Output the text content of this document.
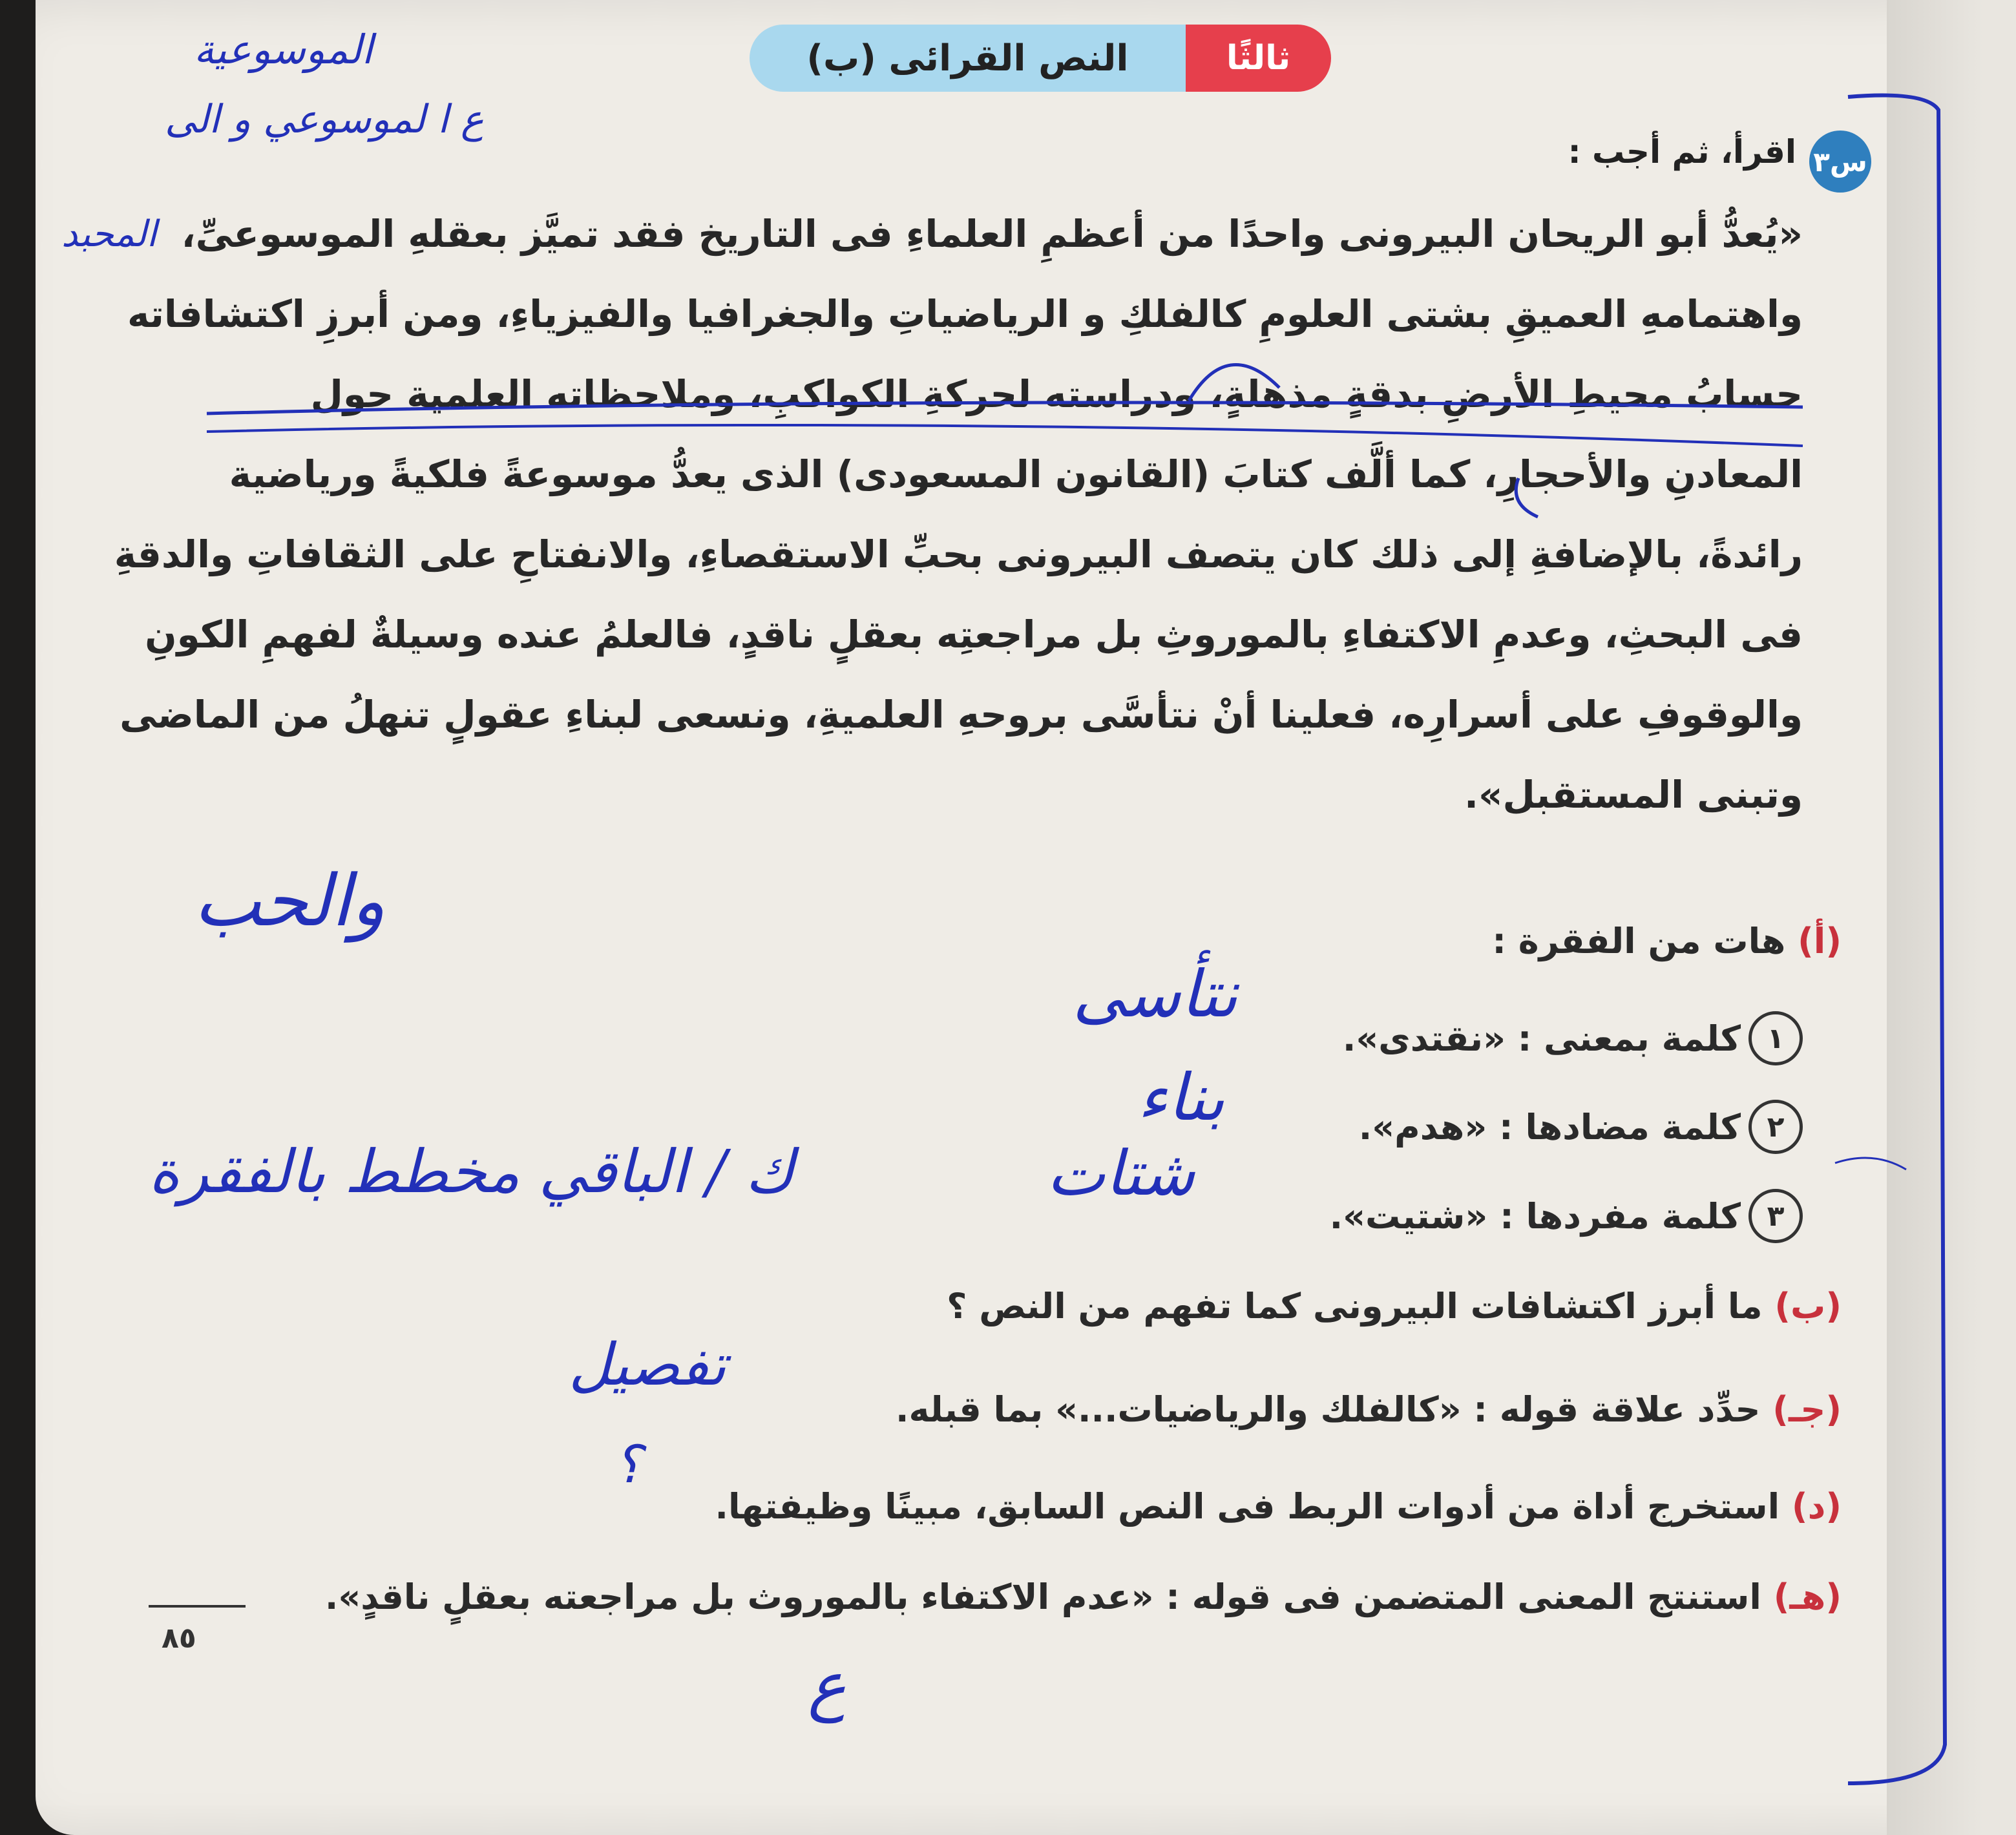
ثالثًا
النص القرائى (ب)
س٣
اقرأ، ثم أجب :
«يُعدُّ أبو الريحان البيرونى واحدًا من أعظمِ العلماءِ فى التاريخ فقد تميَّز بعقلهِ الموسوعىِّ،
واهتمامهِ العميقِ بشتى العلومِ كالفلكِ و الرياضياتِ والجغرافيا والفيزياءِ، ومن أبرزِ اكتشافاته
حسابُ محيطِ الأرضِ بدقةٍ مذهلةٍ، ودراسته لحركةِ الكواكبِ، وملاحظاته العلمية حول
المعادنِ والأحجارِ، كما ألَّف كتابَ (القانون المسعودى) الذى يعدُّ موسوعةً فلكيةً ورياضية
رائدةً، بالإضافةِ إلى ذلك كان يتصف البيرونى بحبِّ الاستقصاءِ، والانفتاحِ على الثقافاتِ والدقةِ
فى البحثِ، وعدمِ الاكتفاءِ بالموروثِ بل مراجعتِه بعقلٍ ناقدٍ، فالعلمُ عنده وسيلةٌ لفهمِ الكونِ
والوقوفِ على أسرارِه، فعلينا أنْ نتأسَّى بروحهِ العلميةِ، ونسعى لبناءِ عقولٍ تنهلُ من الماضى
وتبنى المستقبل».
(أ) هات من الفقرة :
١
كلمة بمعنى : «نقتدى».
٢
كلمة مضادها : «هدم».
٣
كلمة مفردها : «شتيت».
(ب) ما أبرز اكتشافات البيرونى كما تفهم من النص ؟
(جـ) حدِّد علاقة قوله : «كالفلك والرياضيات...» بما قبله.
(د) استخرج أداة من أدوات الربط فى النص السابق، مبينًا وظيفتها.
(هـ) استنتج المعنى المتضمن فى قوله : «عدم الاكتفاء بالموروث بل مراجعته بعقلٍ ناقدٍ».
٨٥
الموسوعية
ع ا لموسوعي و الى
المحبد
والحب
نتأسى
بناء
شتات
ك / الباقي مخطط بالفقرة
تفصيل
؟
ع
